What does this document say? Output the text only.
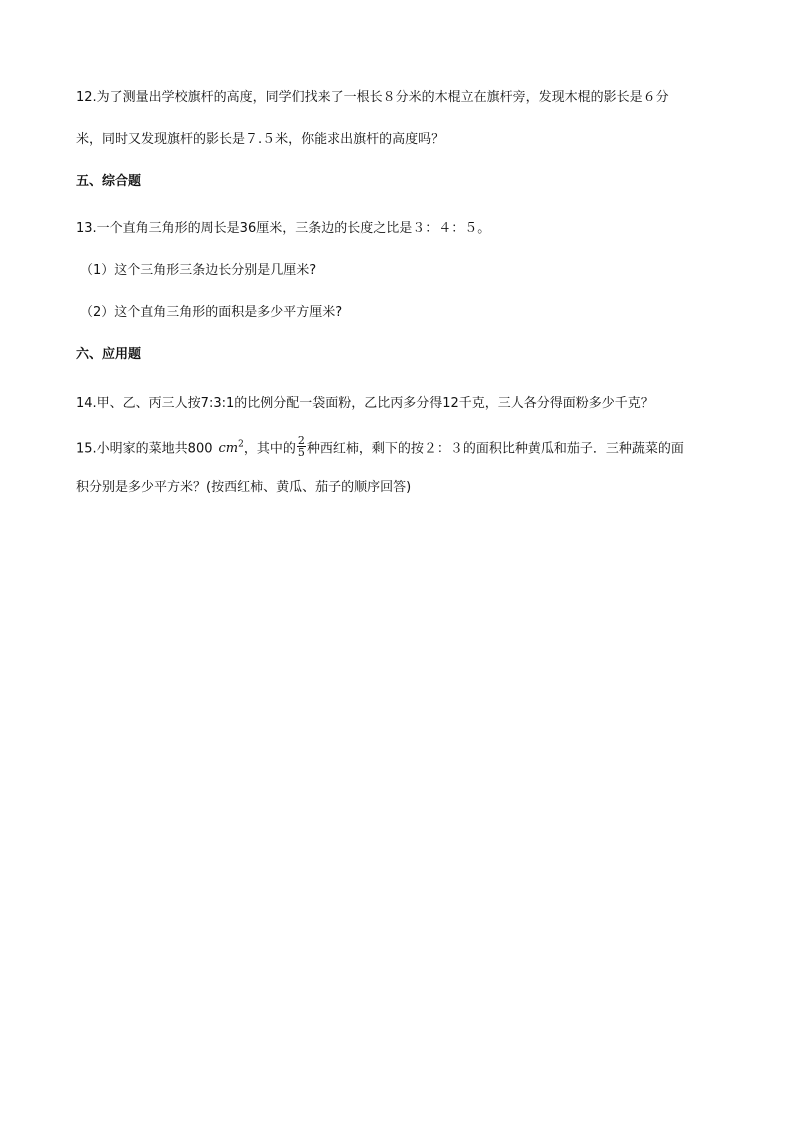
12.为了测量出学校旗杆的高度，同学们找来了一根长８分米的木棍立在旗杆旁，发现木棍的影长是６分
米，同时又发现旗杆的影长是７.５米，你能求出旗杆的高度吗？
五、综合题
13.一个直角三角形的周长是36厘米，三条边的长度之比是３：４：５。
（1）这个三角形三条边长分别是几厘米?
（2）这个直角三角形的面积是多少平方厘米?
六、应用题
14.甲、乙、丙三人按7:3:1的比例分配一袋面粉，乙比丙多分得12千克，三人各分得面粉多少千克？
15.小明家的菜地共800 $cm^2$，其中的 $\frac{2}{5}$ 种西红柿，剩下的按２：３的面积比种黄瓜和茄子．三种蔬菜的面
积分别是多少平方米？(按西红柿、黄瓜、茄子的顺序回答)
